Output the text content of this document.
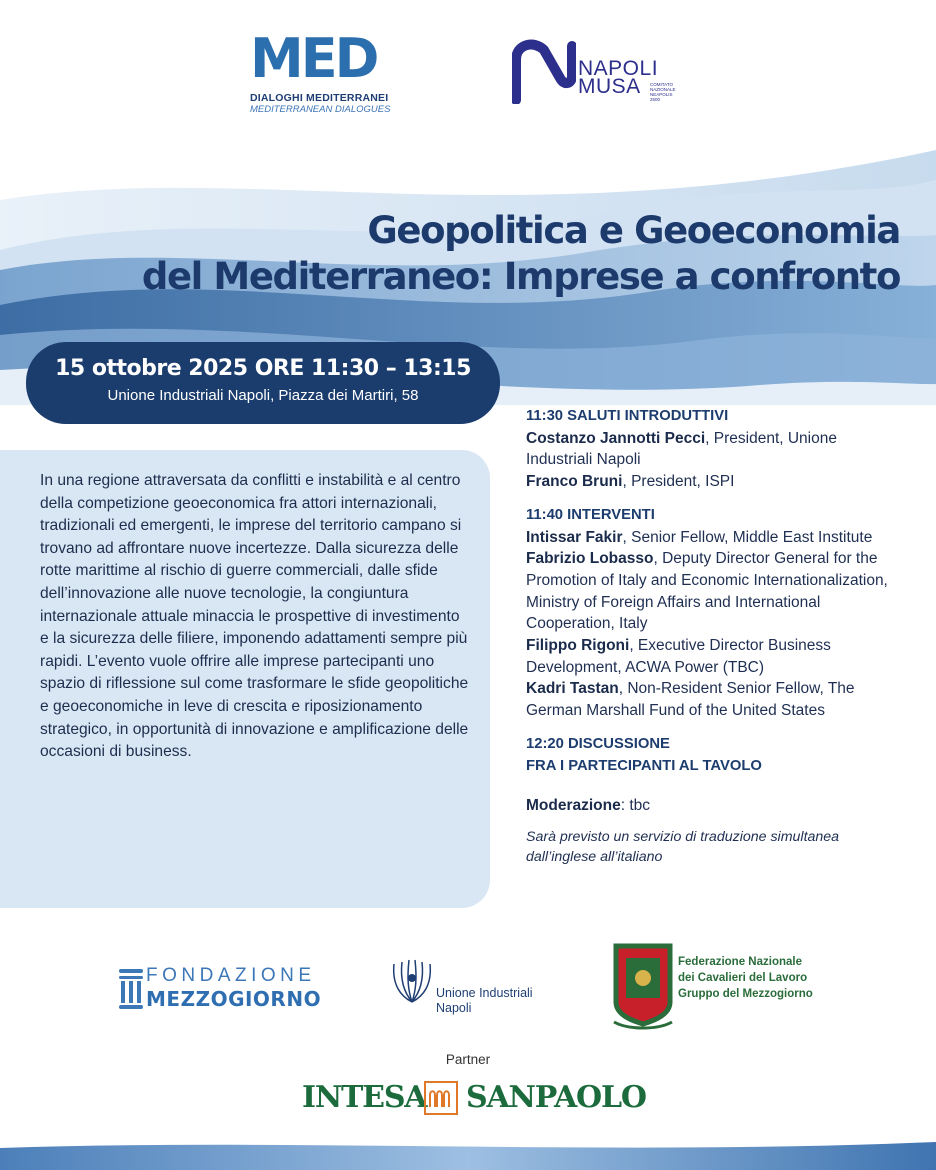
MED
DIALOGHI MEDITERRANEI
MEDITERRANEAN DIALOGUES
NAPOLI
MUSA	COMITATO NAZIONALE NEAPOLIS 2500
Geopolitica e Geoeconomia
del Mediterraneo: Imprese a confronto
15 ottobre 2025 ORE 11:30 – 13:15
Unione Industriali Napoli, Piazza dei Martiri, 58

In una regione attraversata da conflitti e instabilità e al centro della competizione geoeconomica fra attori internazionali, tradizionali ed emergenti, le imprese del territorio campano si trovano ad affrontare nuove incertezze. Dalla sicurezza delle rotte marittime al rischio di guerre commerciali, dalle sfide dell’innovazione alle nuove tecnologie, la congiuntura internazionale attuale minaccia le prospettive di investimento e la sicurezza delle filiere, imponendo adattamenti sempre più rapidi. L’evento vuole offrire alle imprese partecipanti uno spazio di riflessione sul come trasformare le sfide geopolitiche e geoeconomiche in leve di crescita e riposizionamento strategico, in opportunità di innovazione e amplificazione delle occasioni di business.

11:30 SALUTI INTRODUTTIVI
Costanzo Jannotti Pecci, President, Unione Industriali Napoli
Franco Bruni, President, ISPI
11:40 INTERVENTI
Intissar Fakir, Senior Fellow, Middle East Institute
Fabrizio Lobasso, Deputy Director General for the Promotion of Italy and Economic Internationalization, Ministry of Foreign Affairs and International Cooperation, Italy
Filippo Rigoni, Executive Director Business Development, ACWA Power (TBC)
Kadri Tastan, Non-Resident Senior Fellow, The German Marshall Fund of the United States
12:20 DISCUSSIONE
FRA I PARTECIPANTI AL TAVOLO
Moderazione: tbc
Sarà previsto un servizio di traduzione simultanea dall’inglese all’italiano
FONDAZIONE
MEZZOGIORNO	Unione Industriali
Napoli
Federazione Nazionale
dei Cavalieri del Lavoro
Gruppo del Mezzogiorno
Partner
INTESA SANPAOLO
